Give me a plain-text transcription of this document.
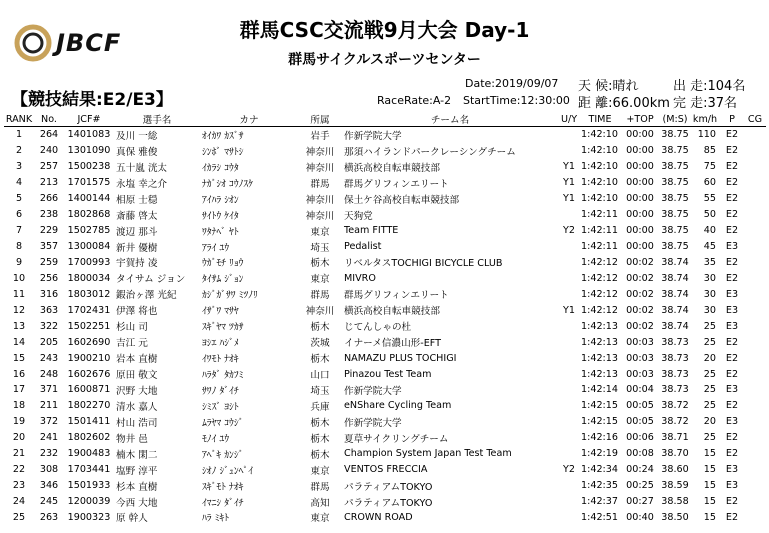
JBCF	群馬CSC交流戦9月大会 Day-1
群馬サイクルスポーツセンター
【競技結果:E2/E3】
Date:2019/09/07
RaceRate:A-2 StartTime:12:30:00
天 候:晴れ
距 離:66.00km
出 走:104名
完 走:37名
RANK	No.	JCF#	選手名	カナ	所属	チーム名	U/Y	TIME	+TOP	(M:S)	km/h	P	CG
1	264	1401083	及川 一総	ｵｲｶﾜ ｶｽﾞｻ	岩手	作新学院大学		1:42:10	00:00	38.75	110	E2	
2	240	1301090	真保 雅俊	ｼﾝﾎﾞ ﾏｻﾄｼ	神奈川	那須ハイランドパークレーシングチーム		1:42:10	00:00	38.75	85	E2	
3	257	1500238	五十嵐 洸太	ｲｶﾗｼ ｺｳﾀ	神奈川	横浜高校自転車競技部	Y1	1:42:10	00:00	38.75	75	E2	
4	213	1701575	永塩 幸之介	ﾅｶﾞｼｵ ｺｳﾉｽｹ	群馬	群馬グリフィンエリート	Y1	1:42:10	00:00	38.75	60	E2	
5	266	1400144	相原 士穏	ｱｲﾊﾗ ｼｵﾝ	神奈川	保土ケ谷高校自転車競技部	Y1	1:42:10	00:00	38.75	55	E2	
6	238	1802868	斎藤 啓太	ｻｲﾄｳ ｹｲﾀ	神奈川	天狗党		1:42:11	00:00	38.75	50	E2	
7	229	1502785	渡辺 那斗	ﾜﾀﾅﾍﾞ ﾔﾄ	東京	Team FITTE	Y2	1:42:11	00:00	38.75	40	E2	
8	357	1300084	新井 優樹	ｱﾗｲ ﾕｳ	埼玉	Pedalist		1:42:11	00:00	38.75	45	E3	
9	259	1700993	宇賀持 凌	ｳｶﾞﾓﾁ ﾘｮｳ	栃木	リベルタスTOCHIGI BICYCLE CLUB		1:42:12	00:02	38.74	35	E2	
10	256	1800034	タイサム ジョン	ﾀｲｻﾑ ｼﾞｮﾝ	東京	MIVRO		1:42:12	00:02	38.74	30	E2	
11	316	1803012	鍜治ヶ澤 光紀	ｶｼﾞｶﾞｻﾜ ﾐﾂﾉﾘ	群馬	群馬グリフィンエリート		1:42:12	00:02	38.74	30	E3	
12	363	1702431	伊澤 将也	ｲｻﾞﾜ ﾏｻﾔ	神奈川	横浜高校自転車競技部	Y1	1:42:12	00:02	38.74	30	E3	
13	322	1502251	杉山 司	ｽｷﾞﾔﾏ ﾂｶｻ	栃木	じてんしゃの杜		1:42:13	00:02	38.74	25	E3	
14	205	1602690	吉江 元	ﾖｼｴ ﾊｼﾞﾒ	茨城	イナーメ信濃山形-EFT		1:42:13	00:03	38.73	25	E2	
15	243	1900210	岩本 直樹	ｲﾜﾓﾄ ﾅｵｷ	栃木	NAMAZU PLUS TOCHIGI		1:42:13	00:03	38.73	20	E2	
16	248	1602676	原田 敬文	ﾊﾗﾀﾞ ﾀｶﾌﾐ	山口	Pinazou Test Team		1:42:13	00:03	38.73	25	E2	
17	371	1600871	沢野 大地	ｻﾜﾉ ﾀﾞｲﾁ	埼玉	作新学院大学		1:42:14	00:04	38.73	25	E3	
18	211	1802270	清水 嘉人	ｼﾐｽﾞ ﾖｼﾄ	兵庫	eNShare Cycling Team		1:42:15	00:05	38.72	25	E2	
19	372	1501411	村山 浩司	ﾑﾗﾔﾏ ｺｳｼﾞ	栃木	作新学院大学		1:42:15	00:05	38.72	20	E3	
20	241	1802602	物井 邑	ﾓﾉｲ ﾕｳ	栃木	夏草サイクリングチーム		1:42:16	00:06	38.71	25	E2	
21	232	1900483	楠木 閑二	ｱﾍﾞｷ ｶﾝｼﾞ	栃木	Champion System Japan Test Team		1:42:19	00:08	38.70	15	E2	
22	308	1703441	塩野 淳平	ｼｵﾉ ｼﾞｭﾝﾍﾟｲ	東京	VENTOS FRECCIA	Y2	1:42:34	00:24	38.60	15	E3	
23	346	1501933	杉本 直樹	ｽｷﾞﾓﾄ ﾅｵｷ	群馬	パラティアムTOKYO		1:42:35	00:25	38.59	15	E3	
24	245	1200039	今西 大地	ｲﾏﾆｼ ﾀﾞｲﾁ	高知	パラティアムTOKYO		1:42:37	00:27	38.58	15	E2	
25	263	1900323	原 幹人	ﾊﾗ ﾐｷﾄ	東京	CROWN ROAD		1:42:51	00:40	38.50	15	E2	
